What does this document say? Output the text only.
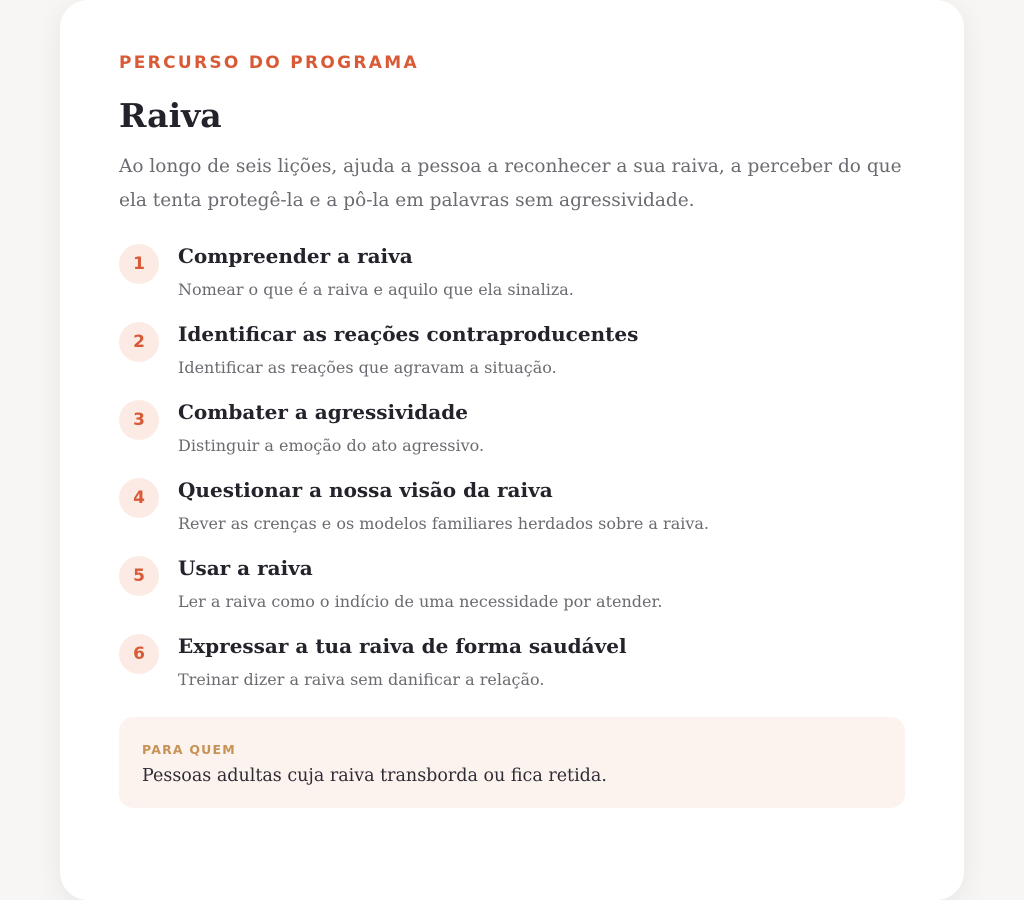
PERCURSO DO PROGRAMA
Raiva
Ao longo de seis lições, ajuda a pessoa a reconhecer a sua raiva, a perceber do que ela tenta protegê-la e a pô-la em palavras sem agressividade.
1	Compreender a raiva
Nomear o que é a raiva e aquilo que ela sinaliza.
2	Identificar as reações contraproducentes
Identificar as reações que agravam a situação.
3	Combater a agressividade
Distinguir a emoção do ato agressivo.
4	Questionar a nossa visão da raiva
Rever as crenças e os modelos familiares herdados sobre a raiva.
5	Usar a raiva
Ler a raiva como o indício de uma necessidade por atender.
6	Expressar a tua raiva de forma saudável
Treinar dizer a raiva sem danificar a relação.
PARA QUEM
Pessoas adultas cuja raiva transborda ou fica retida.
